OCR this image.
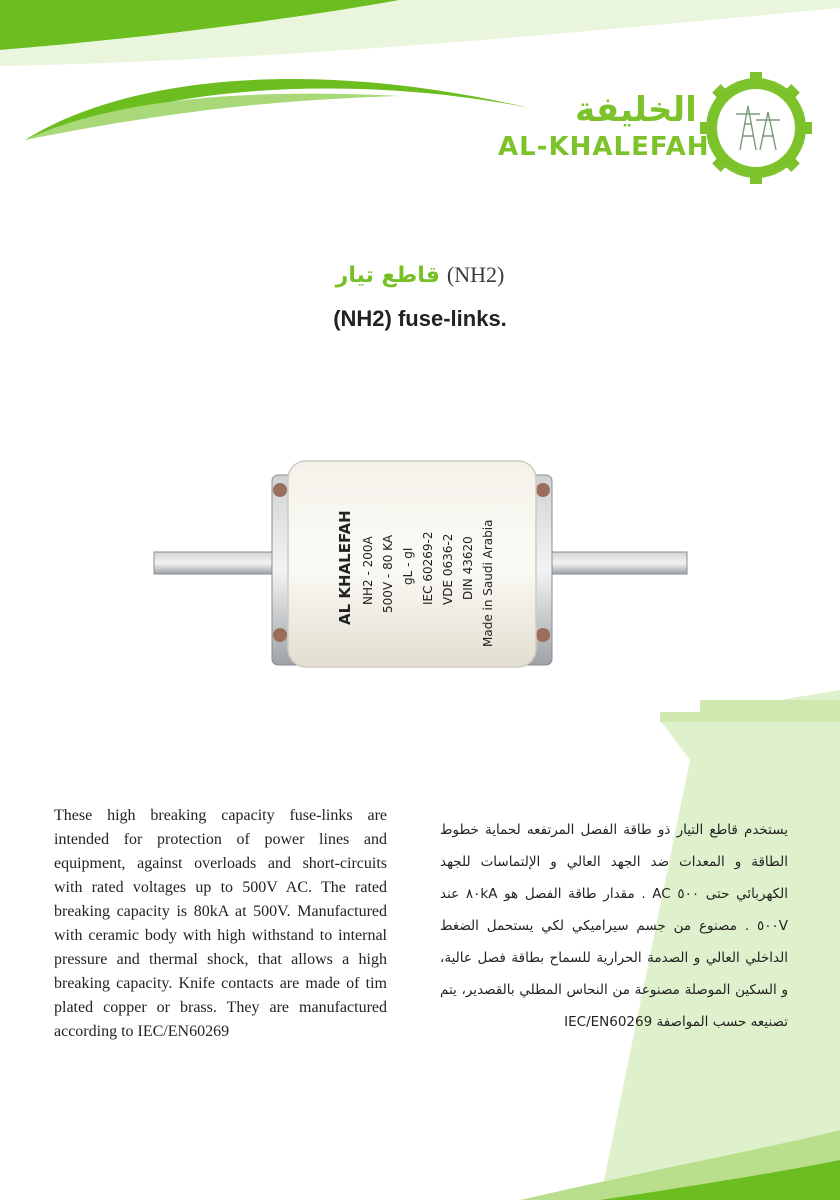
الخليفة
AL-KHALEFAH
قاطع تيار (NH2)
(NH2) fuse-links.
AL KHALEFAH NH2 - 200A 500V - 80 KA gL - gI IEC 60269-2 VDE 0636-2 DIN 43620 Made in Saudi Arabia
These high breaking capacity fuse-links are intended for protection of power lines and equipment, against overloads and short-circuits with rated voltages up to 500V AC. The rated breaking capacity is 80kA at 500V. Manufactured with ceramic body with high withstand to internal pressure and thermal shock, that allows a high breaking capacity. Knife contacts are made of tim plated copper or brass. They are manufactured according to IEC/EN60269
يستخدم قاطع التيار ذو طاقة الفصل المرتفعه لحماية خطوط الطاقة و المعدات ضد الجهد العالي و الإلتماسات للجهد الكهربائي حتى ٥٠٠ AC . مقدار طاقة الفصل هو ٨٠kA عند ٥٠٠V . مصنوع من جسم سيراميكي لكي يستحمل الضغط الداخلي العالي و الصدمة الحرارية للسماح بطاقة فصل عالية، و السكين الموصلة مصنوعة من النحاس المطلي بالقصدير، يتم تصنيعه حسب المواصفة IEC/EN60269
